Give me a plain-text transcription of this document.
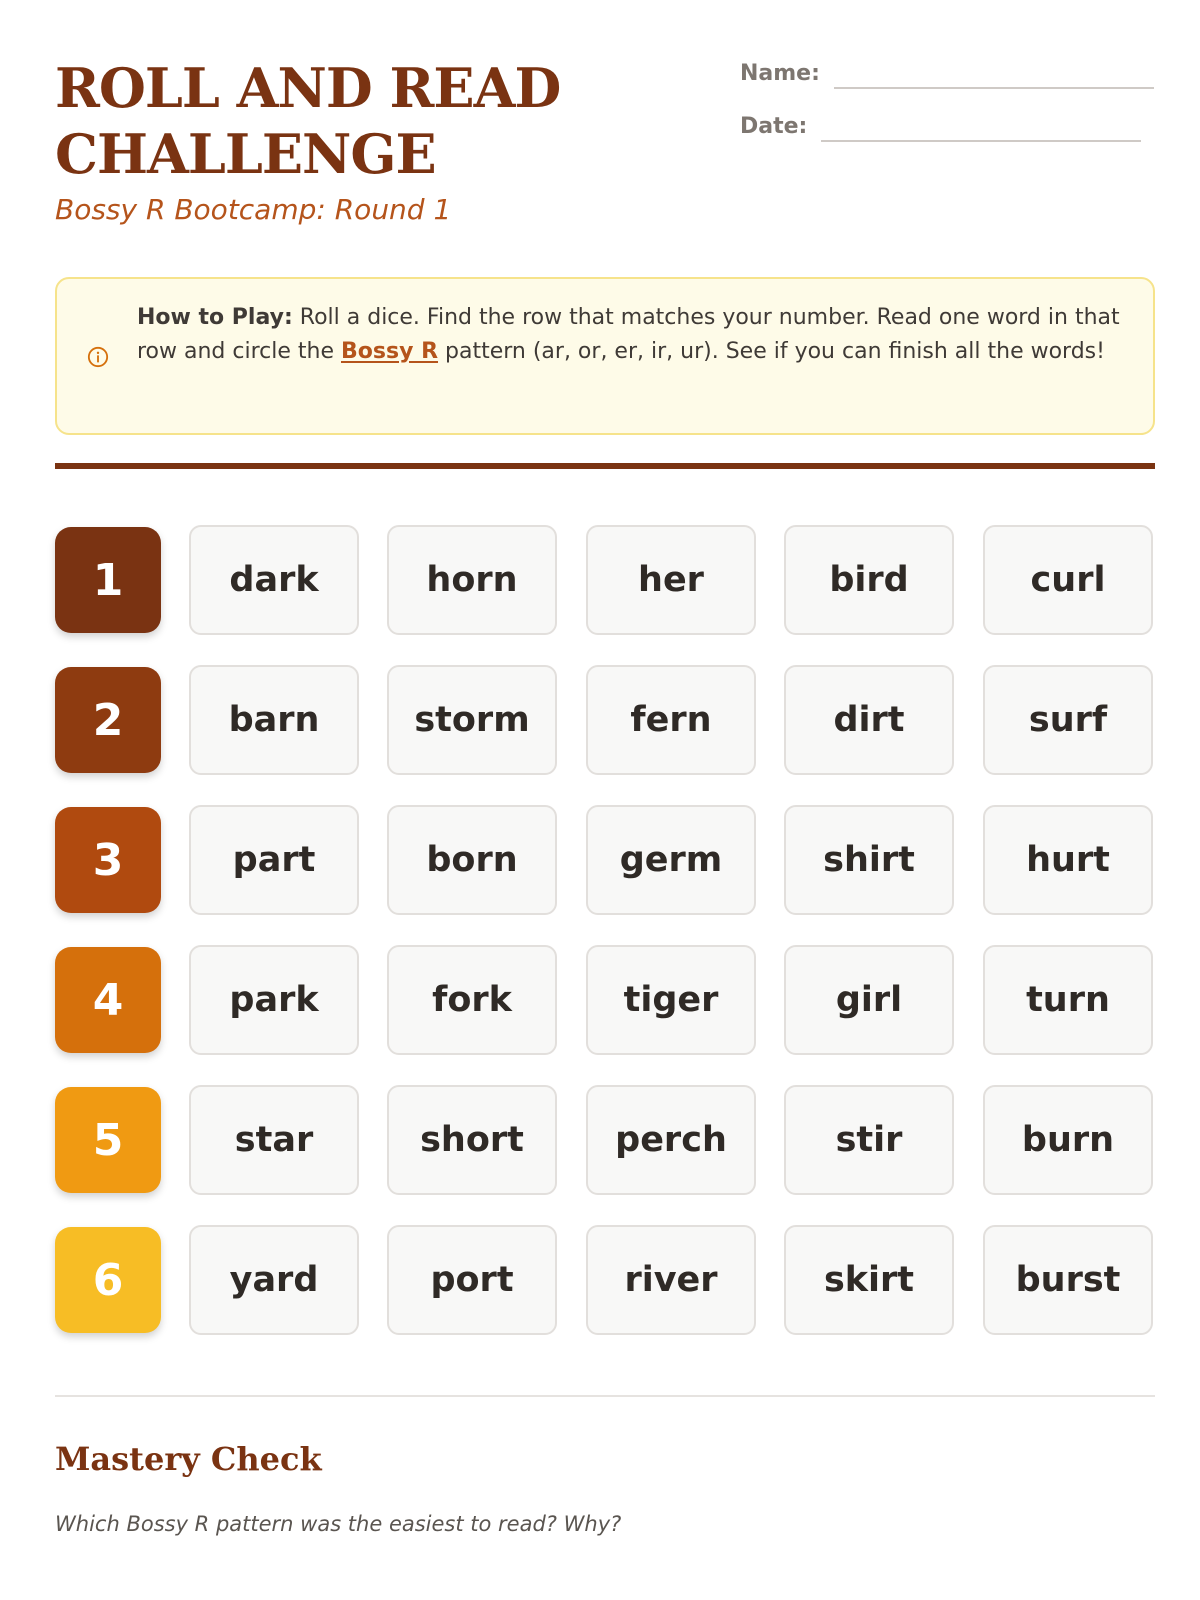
ROLL AND READ
CHALLENGE
Bossy R Bootcamp: Round 1
Name:
Date:

How to Play: Roll a dice. Find the row that matches your number. Read one word in that row and circle the Bossy R pattern (ar, or, er, ir, ur). See if you can finish all the words!

1	dark	horn	her	bird	curl
2	barn	storm	fern	dirt	surf
3	part	born	germ	shirt	hurt
4	park	fork	tiger	girl	turn
5	star	short	perch	stir	burn
6	yard	port	river	skirt	burst
Mastery Check

Which Bossy R pattern was the easiest to read? Why?
